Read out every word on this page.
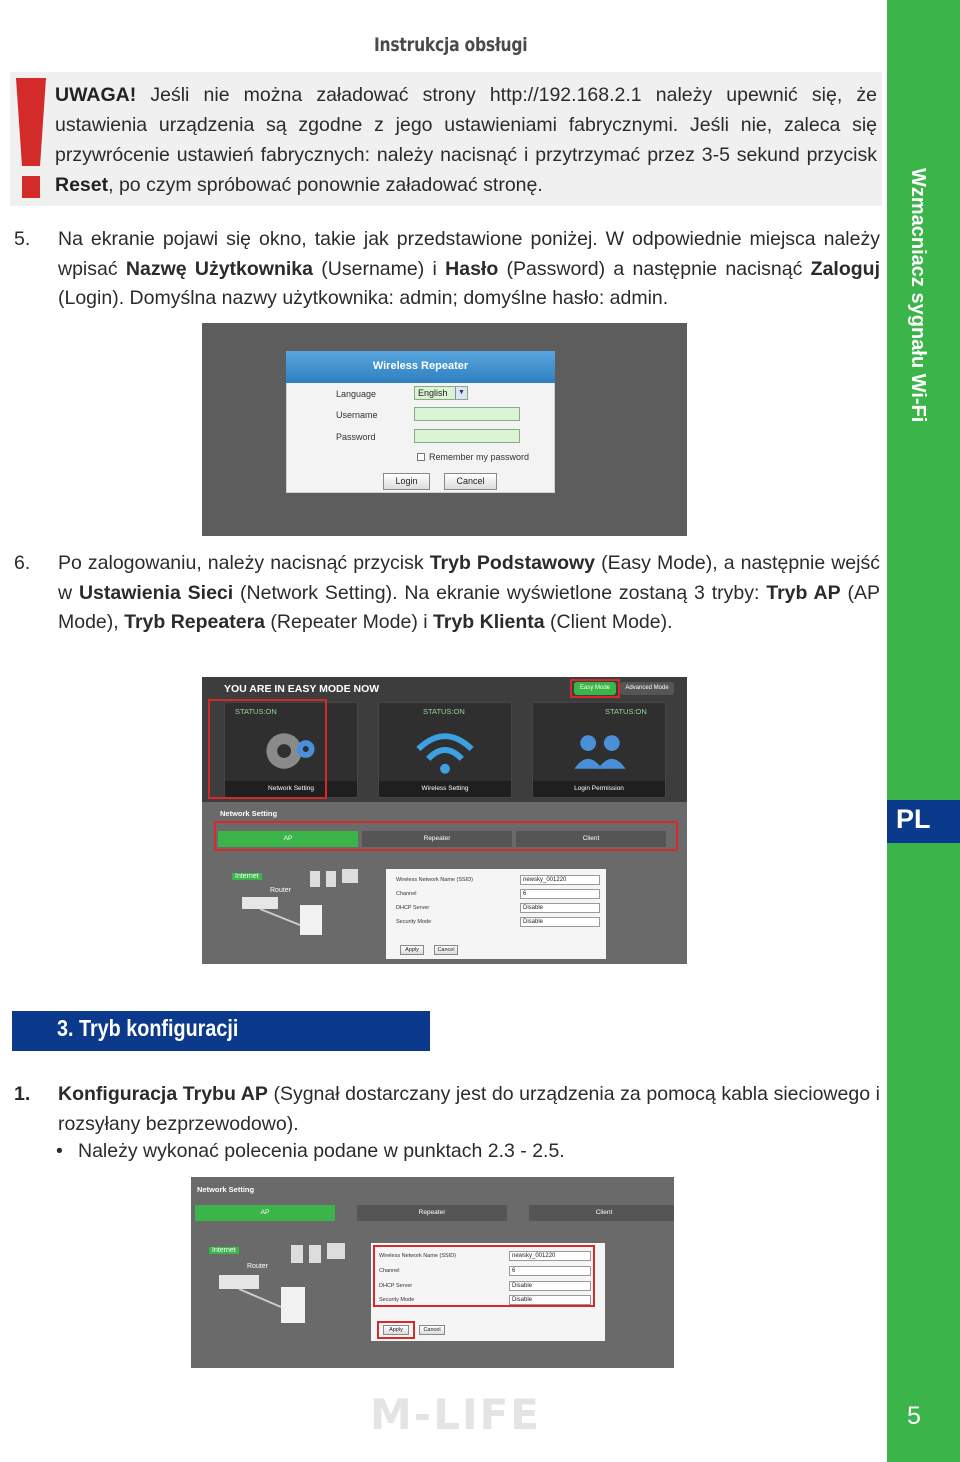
Instrukcja obsługi
UWAGA! Jeśli nie można załadować strony http://192.168.2.1 należy upewnić się, że ustawienia urządzenia są zgodne z jego ustawieniami fabrycznymi. Jeśli nie, zaleca się przywrócenie ustawień fabrycznych: należy nacisnąć i przytrzymać przez 3-5 sekund przycisk Reset, po czym spróbować ponownie załadować stronę.
5. Na ekranie pojawi się okno, takie jak przedstawione poniżej. W odpowiednie miejsca należy wpisać Nazwę Użytkownika (Username) i Hasło (Password) a następnie nacisnąć Zaloguj (Login). Domyślna nazwy użytkownika: admin; domyślne hasło: admin.
Wireless Repeater
Language	English	▼
Username
Password
Remember my password
Login	Cancel
6. Po zalogowaniu, należy nacisnąć przycisk Tryb Podstawowy (Easy Mode), a następnie wejść w Ustawienia Sieci (Network Setting). Na ekranie wyświetlone zostaną 3 tryby: Tryb AP (AP Mode), Tryb Repeatera (Repeater Mode) i Tryb Klienta (Client Mode).
YOU ARE IN EASY MODE NOW	Easy Mode	Advanced Mode
STATUS:ON
Network Setting
STATUS:ON
Wireless Setting
STATUS:ON
Login Permission
Network Setting
AP	Repeater	Client
Internet
Router
Wireless Network Name (SSID)	newsky_001220
Channel	6
DHCP Server	Disable
Security Mode	Disable
Apply	Cancel
3. Tryb konfiguracji
1. Konfiguracja Trybu AP (Sygnał dostarczany jest do urządzenia za pomocą kabla sieciowego i rozsyłany bezprzewodowo).
• Należy wykonać polecenia podane w punktach 2.3 - 2.5.
Network Setting
AP	Repeater	Client
Internet
Router
Wireless Network Name (SSID)	newsky_001220
Channel	6
DHCP Server	Disable
Security Mode	Disable
Apply	Cancel
M-LIFE
Wzmacniacz sygnału Wi-Fi
PL
5
